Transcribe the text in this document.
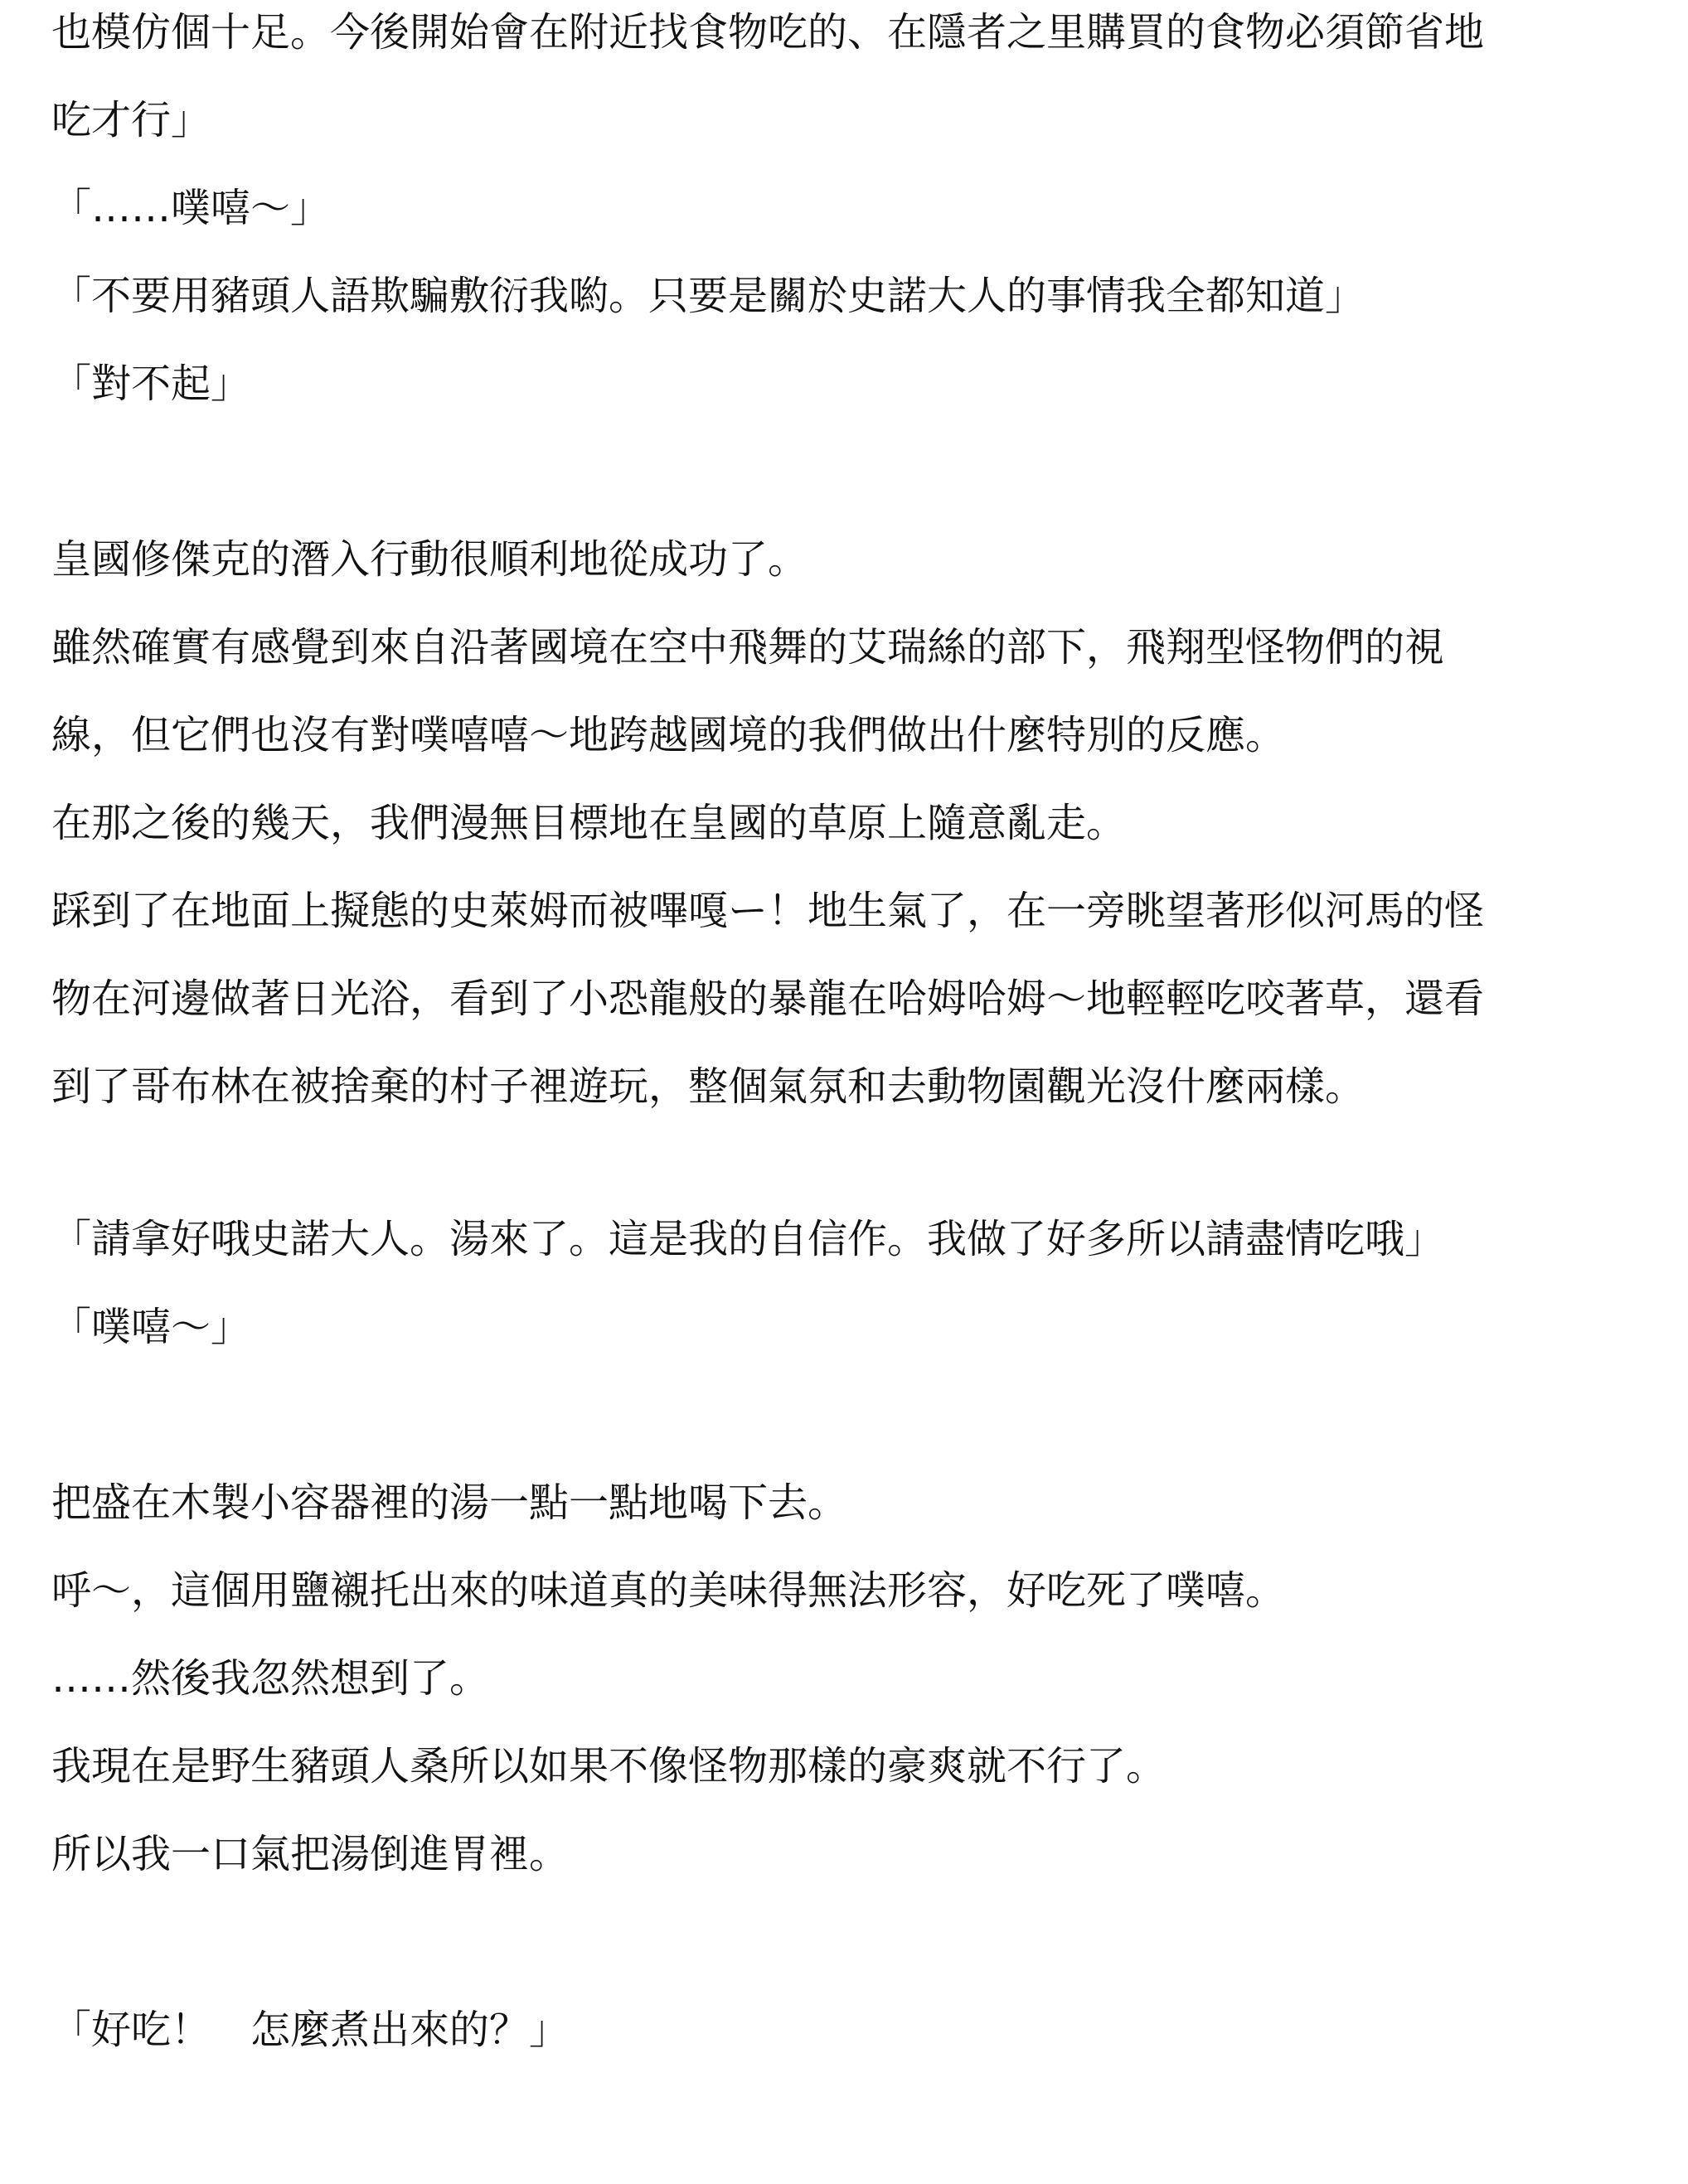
也模仿個十足。今後開始會在附近找食物吃的、在隱者之里購買的食物必須節省地
吃才行」
「……噗嘻～」
「不要用豬頭人語欺騙敷衍我喲。只要是關於史諾大人的事情我全都知道」
「對不起」
皇國修傑克的潛入行動很順利地從成功了。
雖然確實有感覺到來自沿著國境在空中飛舞的艾瑞絲的部下，飛翔型怪物們的視
線，但它們也沒有對噗嘻嘻～地跨越國境的我們做出什麼特別的反應。
在那之後的幾天，我們漫無目標地在皇國的草原上隨意亂走。
踩到了在地面上擬態的史萊姆而被嗶嘎ー！地生氣了，在一旁眺望著形似河馬的怪
物在河邊做著日光浴，看到了小恐龍般的暴龍在哈姆哈姆～地輕輕吃咬著草，還看
到了哥布林在被捨棄的村子裡遊玩，整個氣氛和去動物園觀光沒什麼兩樣。
「請拿好哦史諾大人。湯來了。這是我的自信作。我做了好多所以請盡情吃哦」
「噗嘻～」
把盛在木製小容器裡的湯一點一點地喝下去。
呼～，這個用鹽襯托出來的味道真的美味得無法形容，好吃死了噗嘻。
……然後我忽然想到了。
我現在是野生豬頭人桑所以如果不像怪物那樣的豪爽就不行了。
所以我一口氣把湯倒進胃裡。
「好吃！　怎麼煮出來的？」
